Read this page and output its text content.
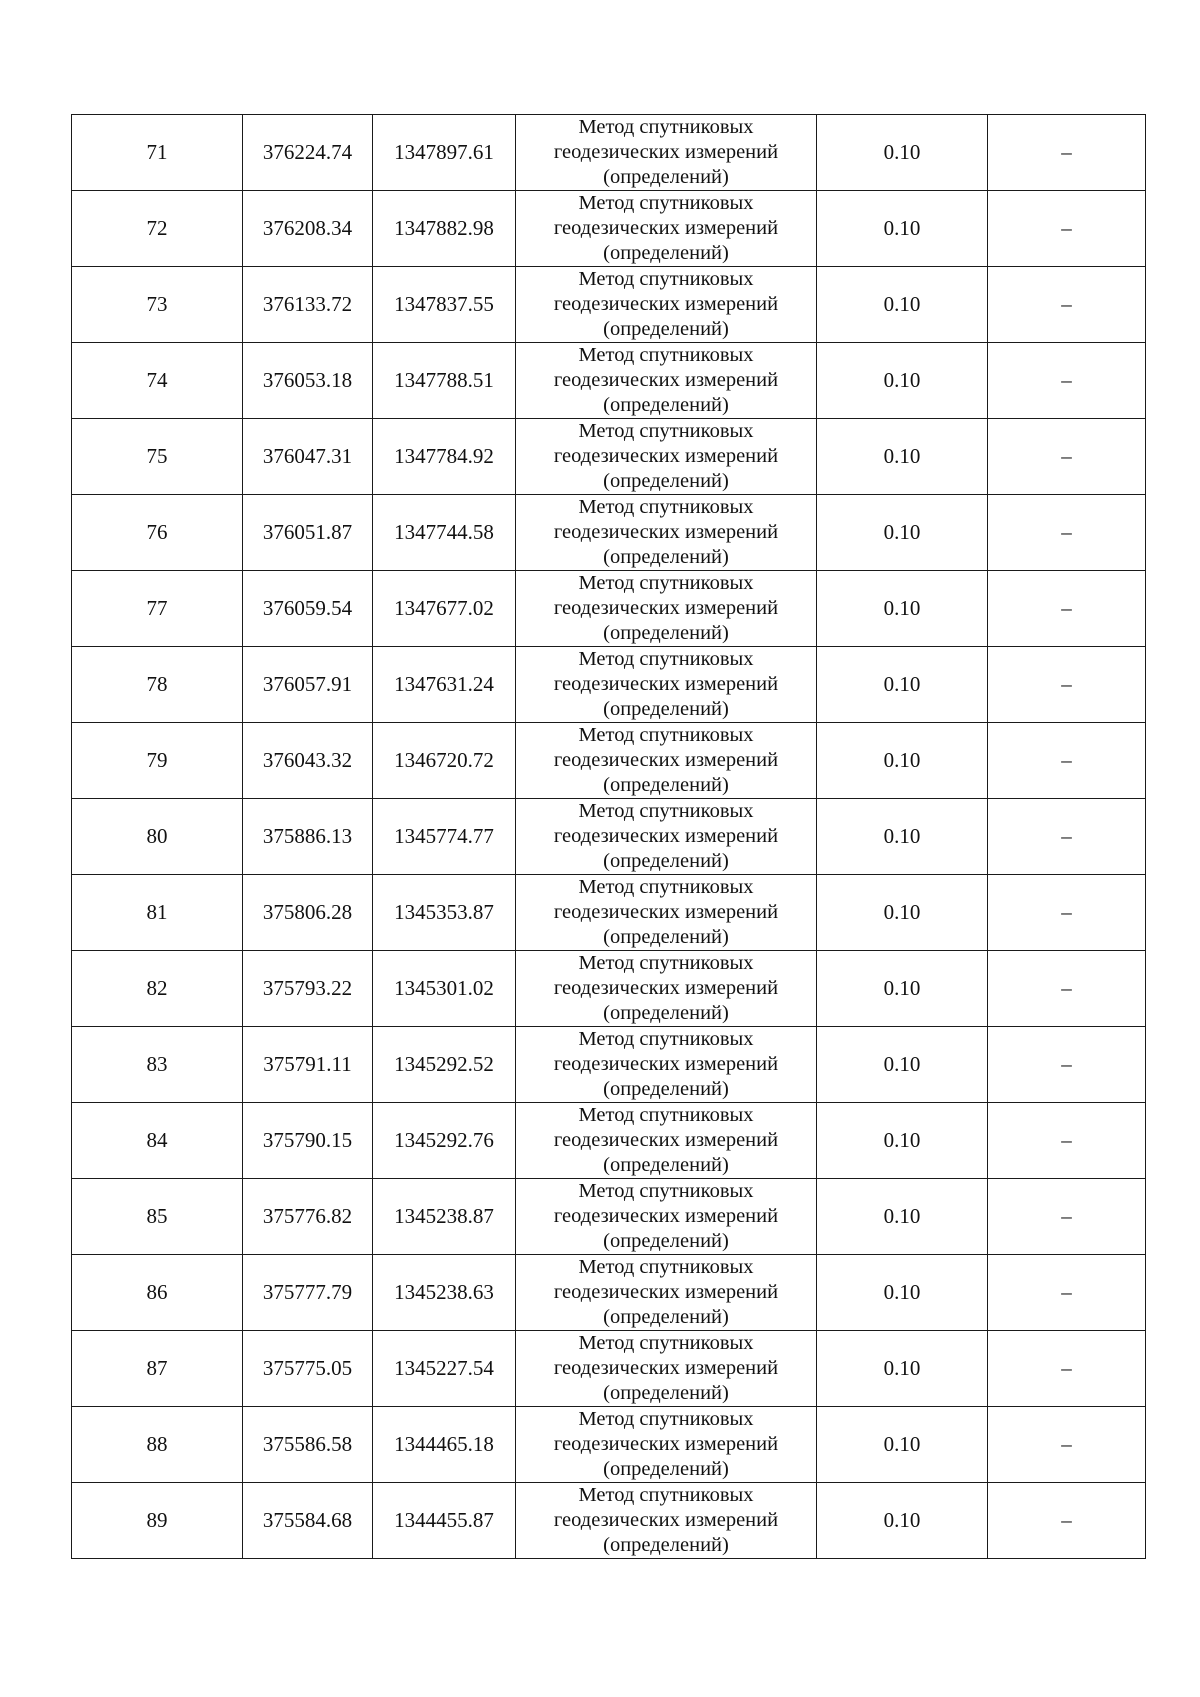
71	376224.74	1347897.61	Метод спутниковых
геодезических измерений
(определений)	0.10	–
72	376208.34	1347882.98	Метод спутниковых
геодезических измерений
(определений)	0.10	–
73	376133.72	1347837.55	Метод спутниковых
геодезических измерений
(определений)	0.10	–
74	376053.18	1347788.51	Метод спутниковых
геодезических измерений
(определений)	0.10	–
75	376047.31	1347784.92	Метод спутниковых
геодезических измерений
(определений)	0.10	–
76	376051.87	1347744.58	Метод спутниковых
геодезических измерений
(определений)	0.10	–
77	376059.54	1347677.02	Метод спутниковых
геодезических измерений
(определений)	0.10	–
78	376057.91	1347631.24	Метод спутниковых
геодезических измерений
(определений)	0.10	–
79	376043.32	1346720.72	Метод спутниковых
геодезических измерений
(определений)	0.10	–
80	375886.13	1345774.77	Метод спутниковых
геодезических измерений
(определений)	0.10	–
81	375806.28	1345353.87	Метод спутниковых
геодезических измерений
(определений)	0.10	–
82	375793.22	1345301.02	Метод спутниковых
геодезических измерений
(определений)	0.10	–
83	375791.11	1345292.52	Метод спутниковых
геодезических измерений
(определений)	0.10	–
84	375790.15	1345292.76	Метод спутниковых
геодезических измерений
(определений)	0.10	–
85	375776.82	1345238.87	Метод спутниковых
геодезических измерений
(определений)	0.10	–
86	375777.79	1345238.63	Метод спутниковых
геодезических измерений
(определений)	0.10	–
87	375775.05	1345227.54	Метод спутниковых
геодезических измерений
(определений)	0.10	–
88	375586.58	1344465.18	Метод спутниковых
геодезических измерений
(определений)	0.10	–
89	375584.68	1344455.87	Метод спутниковых
геодезических измерений
(определений)	0.10	–
